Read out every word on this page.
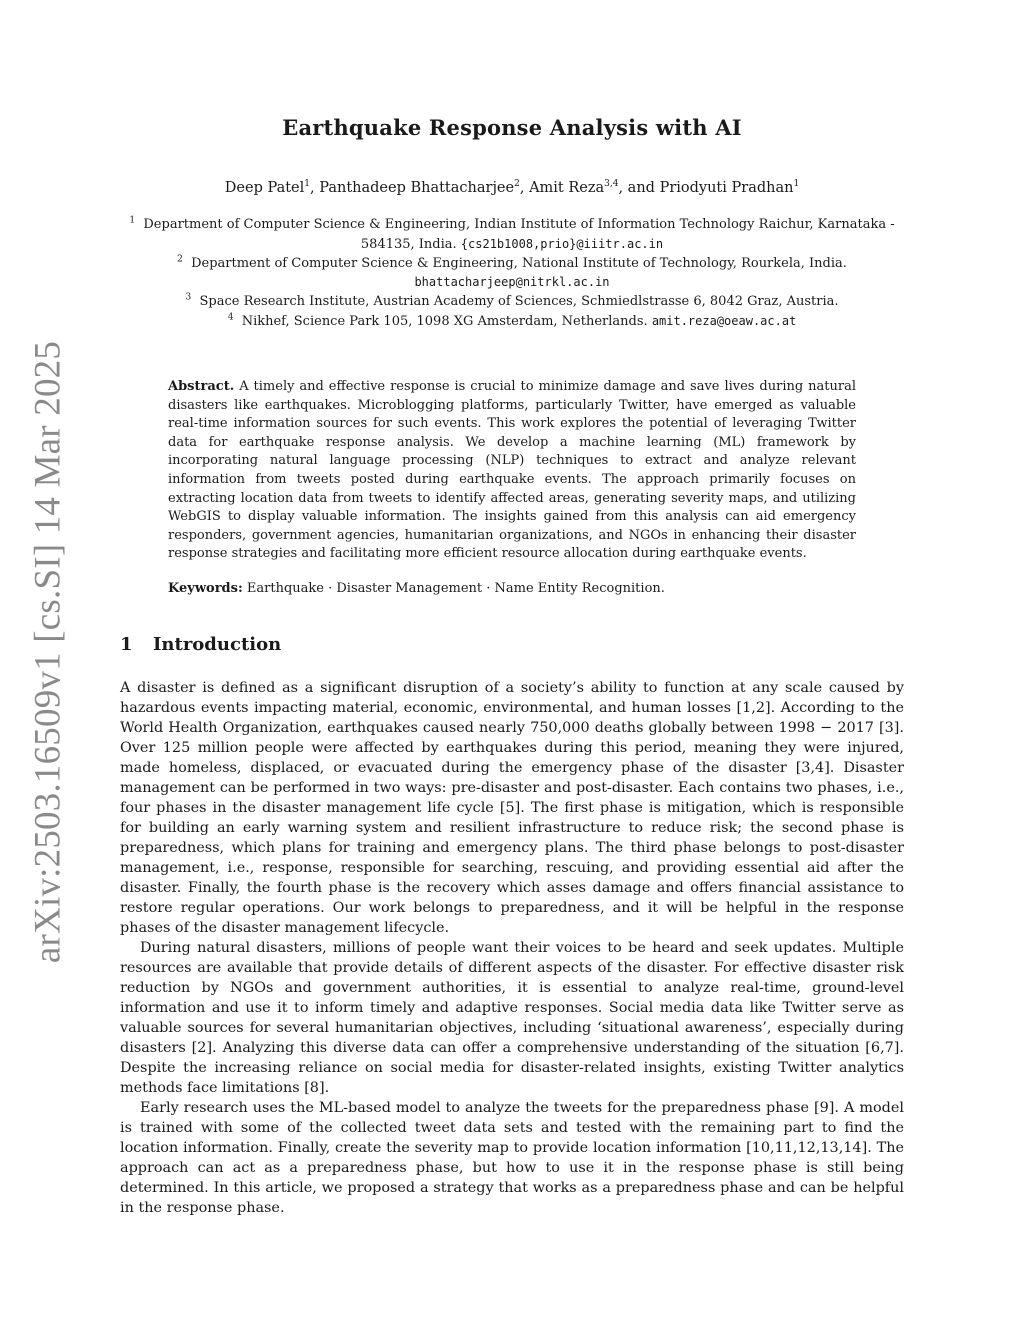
arXiv:2503.16509v1 [cs.SI] 14 Mar 2025
Earthquake Response Analysis with AI
Deep Patel$^1$, Panthadeep Bhattacharjee$^2$, Amit Reza$^{3,4}$, and Priodyuti Pradhan$^1$
$^1$ Department of Computer Science & Engineering, Indian Institute of Information Technology Raichur, Karnataka - 584135, India. {cs21b1008,prio}@iiitr.ac.in
$^2$ Department of Computer Science & Engineering, National Institute of Technology, Rourkela, India.
bhattacharjeep@nitrkl.ac.in
$^3$ Space Research Institute, Austrian Academy of Sciences, Schmiedlstrasse 6, 8042 Graz, Austria.
$^4$ Nikhef, Science Park 105, 1098 XG Amsterdam, Netherlands. amit.reza@oeaw.ac.at
Abstract. A timely and effective response is crucial to minimize damage and save lives during natural disasters like earthquakes. Microblogging platforms, particularly Twitter, have emerged as valuable real-time information sources for such events. This work explores the potential of leveraging Twitter data for earthquake response analysis. We develop a machine learning (ML) framework by incorporating natural language processing (NLP) techniques to extract and analyze relevant information from tweets posted during earthquake events. The approach primarily focuses on extracting location data from tweets to identify affected areas, generating severity maps, and utilizing WebGIS to display valuable information. The insights gained from this analysis can aid emergency responders, government agencies, humanitarian organizations, and NGOs in enhancing their disaster response strategies and facilitating more efficient resource allocation during earthquake events.
Keywords: Earthquake · Disaster Management · Name Entity Recognition.
1 Introduction

A disaster is defined as a significant disruption of a society’s ability to function at any scale caused by hazardous events impacting material, economic, environmental, and human losses [1,2]. According to the World Health Organization, earthquakes caused nearly 750,000 deaths globally between 1998 − 2017 [3]. Over 125 million people were affected by earthquakes during this period, meaning they were injured, made homeless, displaced, or evacuated during the emergency phase of the disaster [3,4]. Disaster management can be performed in two ways: pre-disaster and post-disaster. Each contains two phases, i.e., four phases in the disaster management life cycle [5]. The first phase is mitigation, which is responsible for building an early warning system and resilient infrastructure to reduce risk; the second phase is preparedness, which plans for training and emergency plans. The third phase belongs to post-disaster management, i.e., response, responsible for searching, rescuing, and providing essential aid after the disaster. Finally, the fourth phase is the recovery which asses damage and offers financial assistance to restore regular operations. Our work belongs to preparedness, and it will be helpful in the response phases of the disaster management lifecycle.

During natural disasters, millions of people want their voices to be heard and seek updates. Multiple resources are available that provide details of different aspects of the disaster. For effective disaster risk reduction by NGOs and government authorities, it is essential to analyze real-time, ground-level information and use it to inform timely and adaptive responses. Social media data like Twitter serve as valuable sources for several humanitarian objectives, including ‘situational awareness’, especially during disasters [2]. Analyzing this diverse data can offer a comprehensive understanding of the situation [6,7]. Despite the increasing reliance on social media for disaster-related insights, existing Twitter analytics methods face limitations [8].

Early research uses the ML-based model to analyze the tweets for the preparedness phase [9]. A model is trained with some of the collected tweet data sets and tested with the remaining part to find the location information. Finally, create the severity map to provide location information [10,11,12,13,14]. The approach can act as a preparedness phase, but how to use it in the response phase is still being determined. In this article, we proposed a strategy that works as a preparedness phase and can be helpful in the response phase.
